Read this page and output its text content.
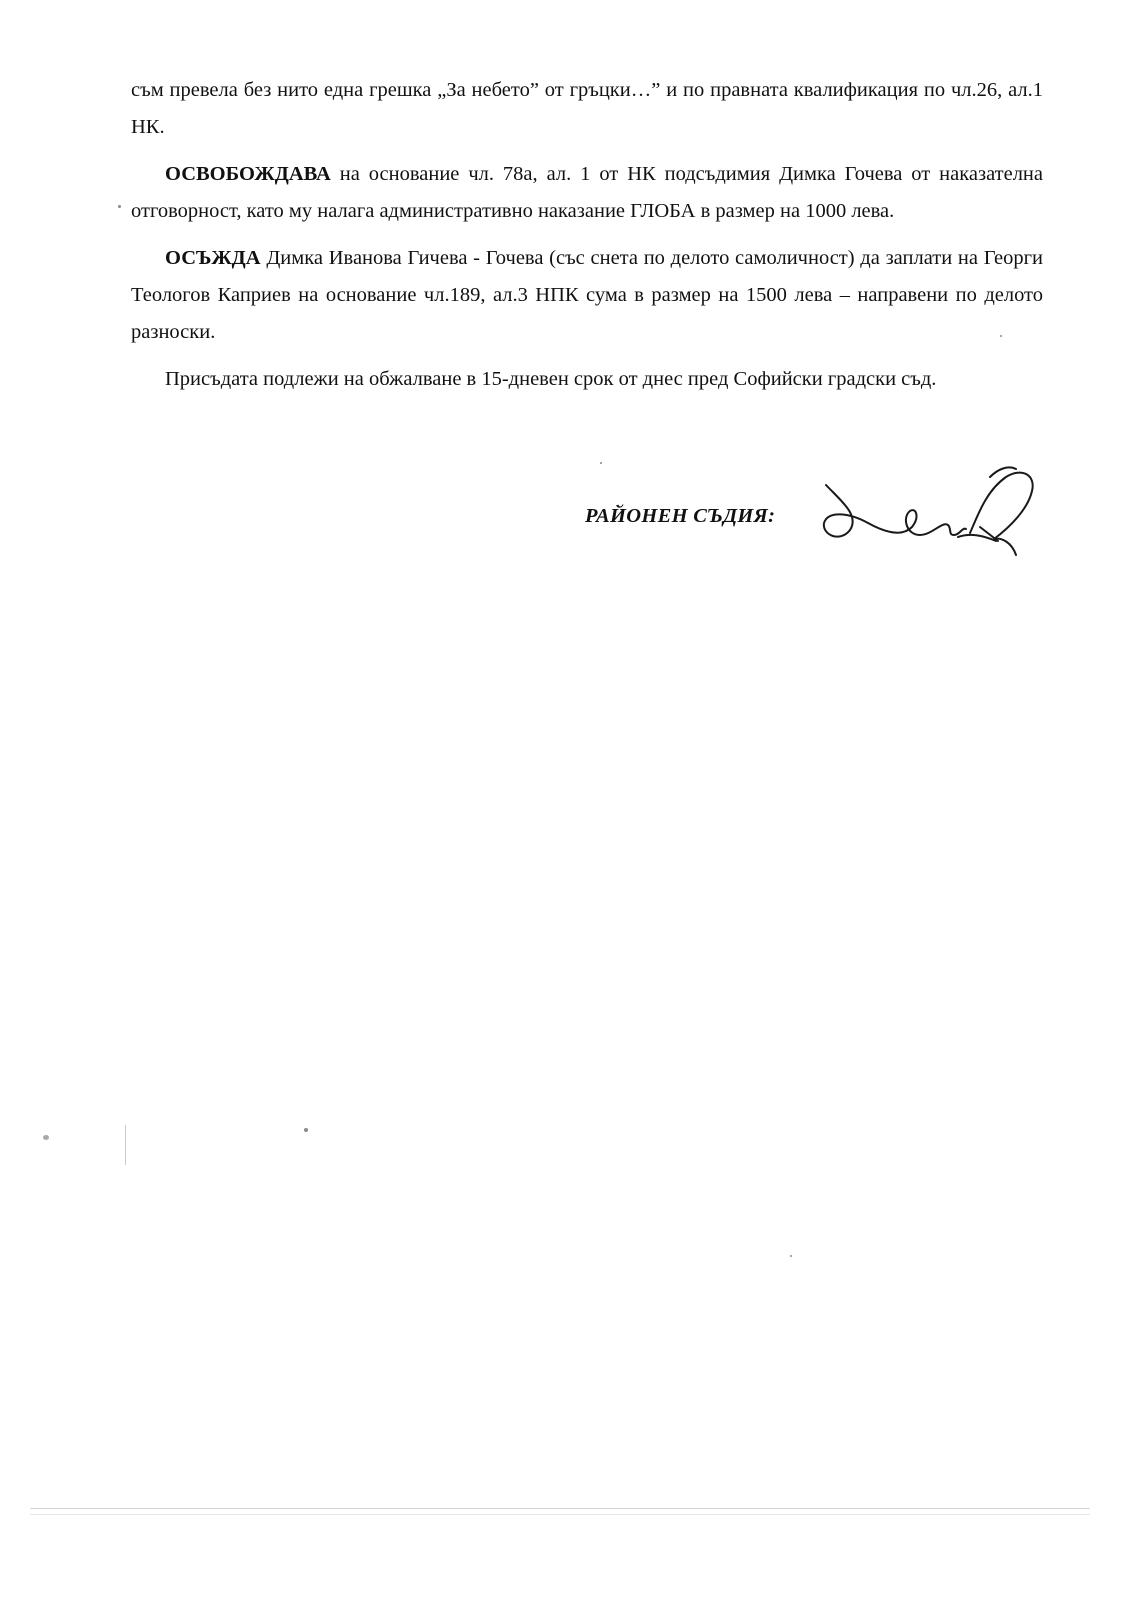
съм превела без нито една грешка „За небето” от гръцки…” и по правната квалификация по чл.26, ал.1 НК.

ОСВОБОЖДАВА на основание чл. 78а, ал. 1 от НК подсъдимия Димка Гочева от наказателна отговорност, като му налага административно наказание ГЛОБА в размер на 1000 лева.

ОСЪЖДА Димка Иванова Гичева - Гочева (със снета по делото самоличност) да заплати на Георги Теологов Каприев на основание чл.189, ал.3 НПК сума в размер на 1500 лева – направени по делото разноски.

Присъдата подлежи на обжалване в 15-дневен срок от днес пред Софийски градски съд.

РАЙОНЕН СЪДИЯ:
